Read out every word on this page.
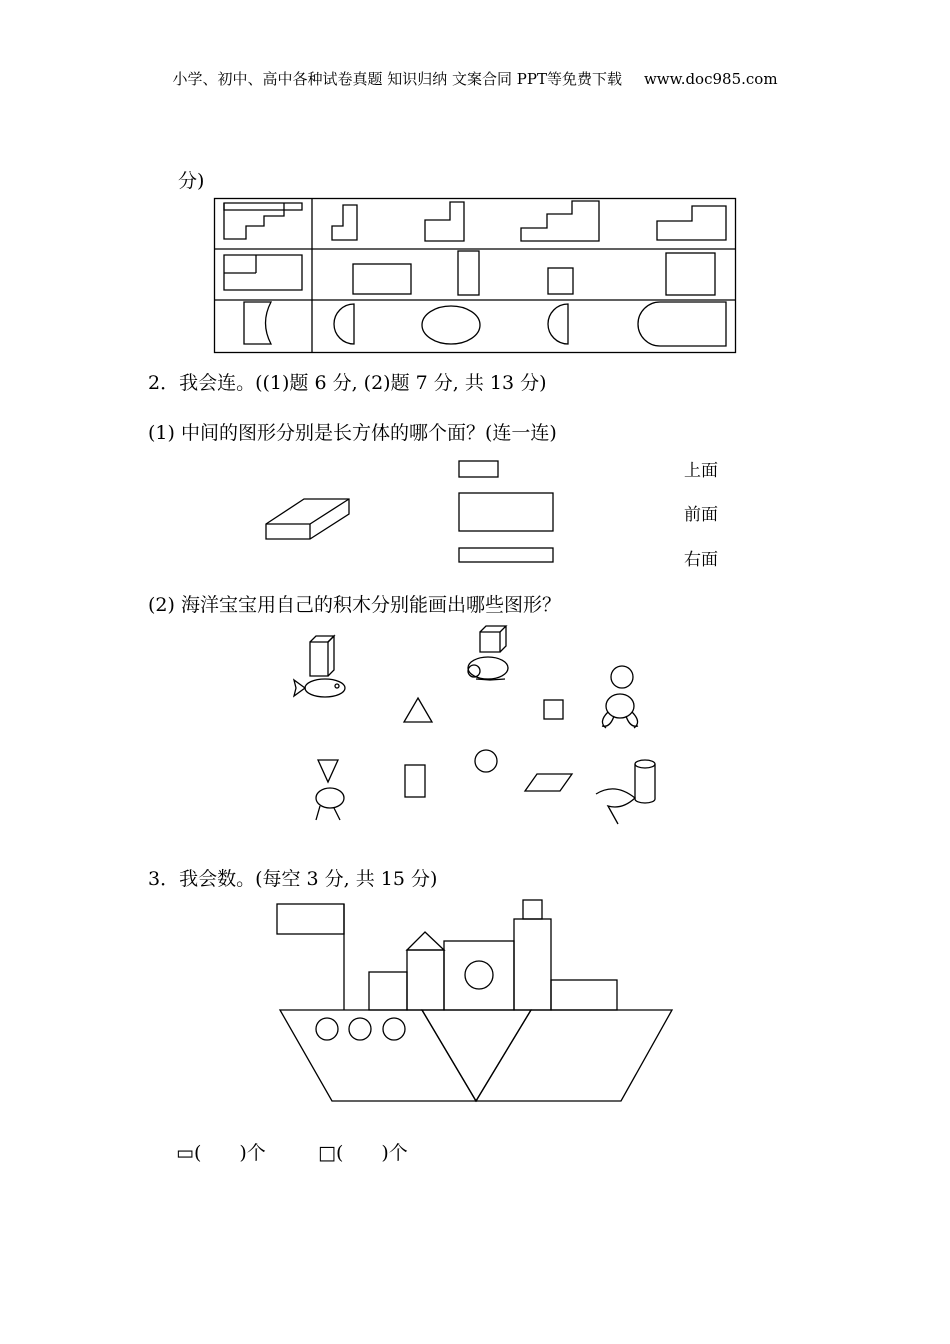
小学、初中、高中各种试卷真题 知识归纳 文案合同 PPT等免费下载 www.doc985.com
分)
2．我会连。((1)题 6 分, (2)题 7 分, 共 13 分)
(1) 中间的图形分别是长方体的哪个面？(连一连)
上面
前面
右面
(2) 海洋宝宝用自己的积木分别能画出哪些图形？
3．我会数。(每空 3 分, 共 15 分)
▭(　　)个	□(　　)个
